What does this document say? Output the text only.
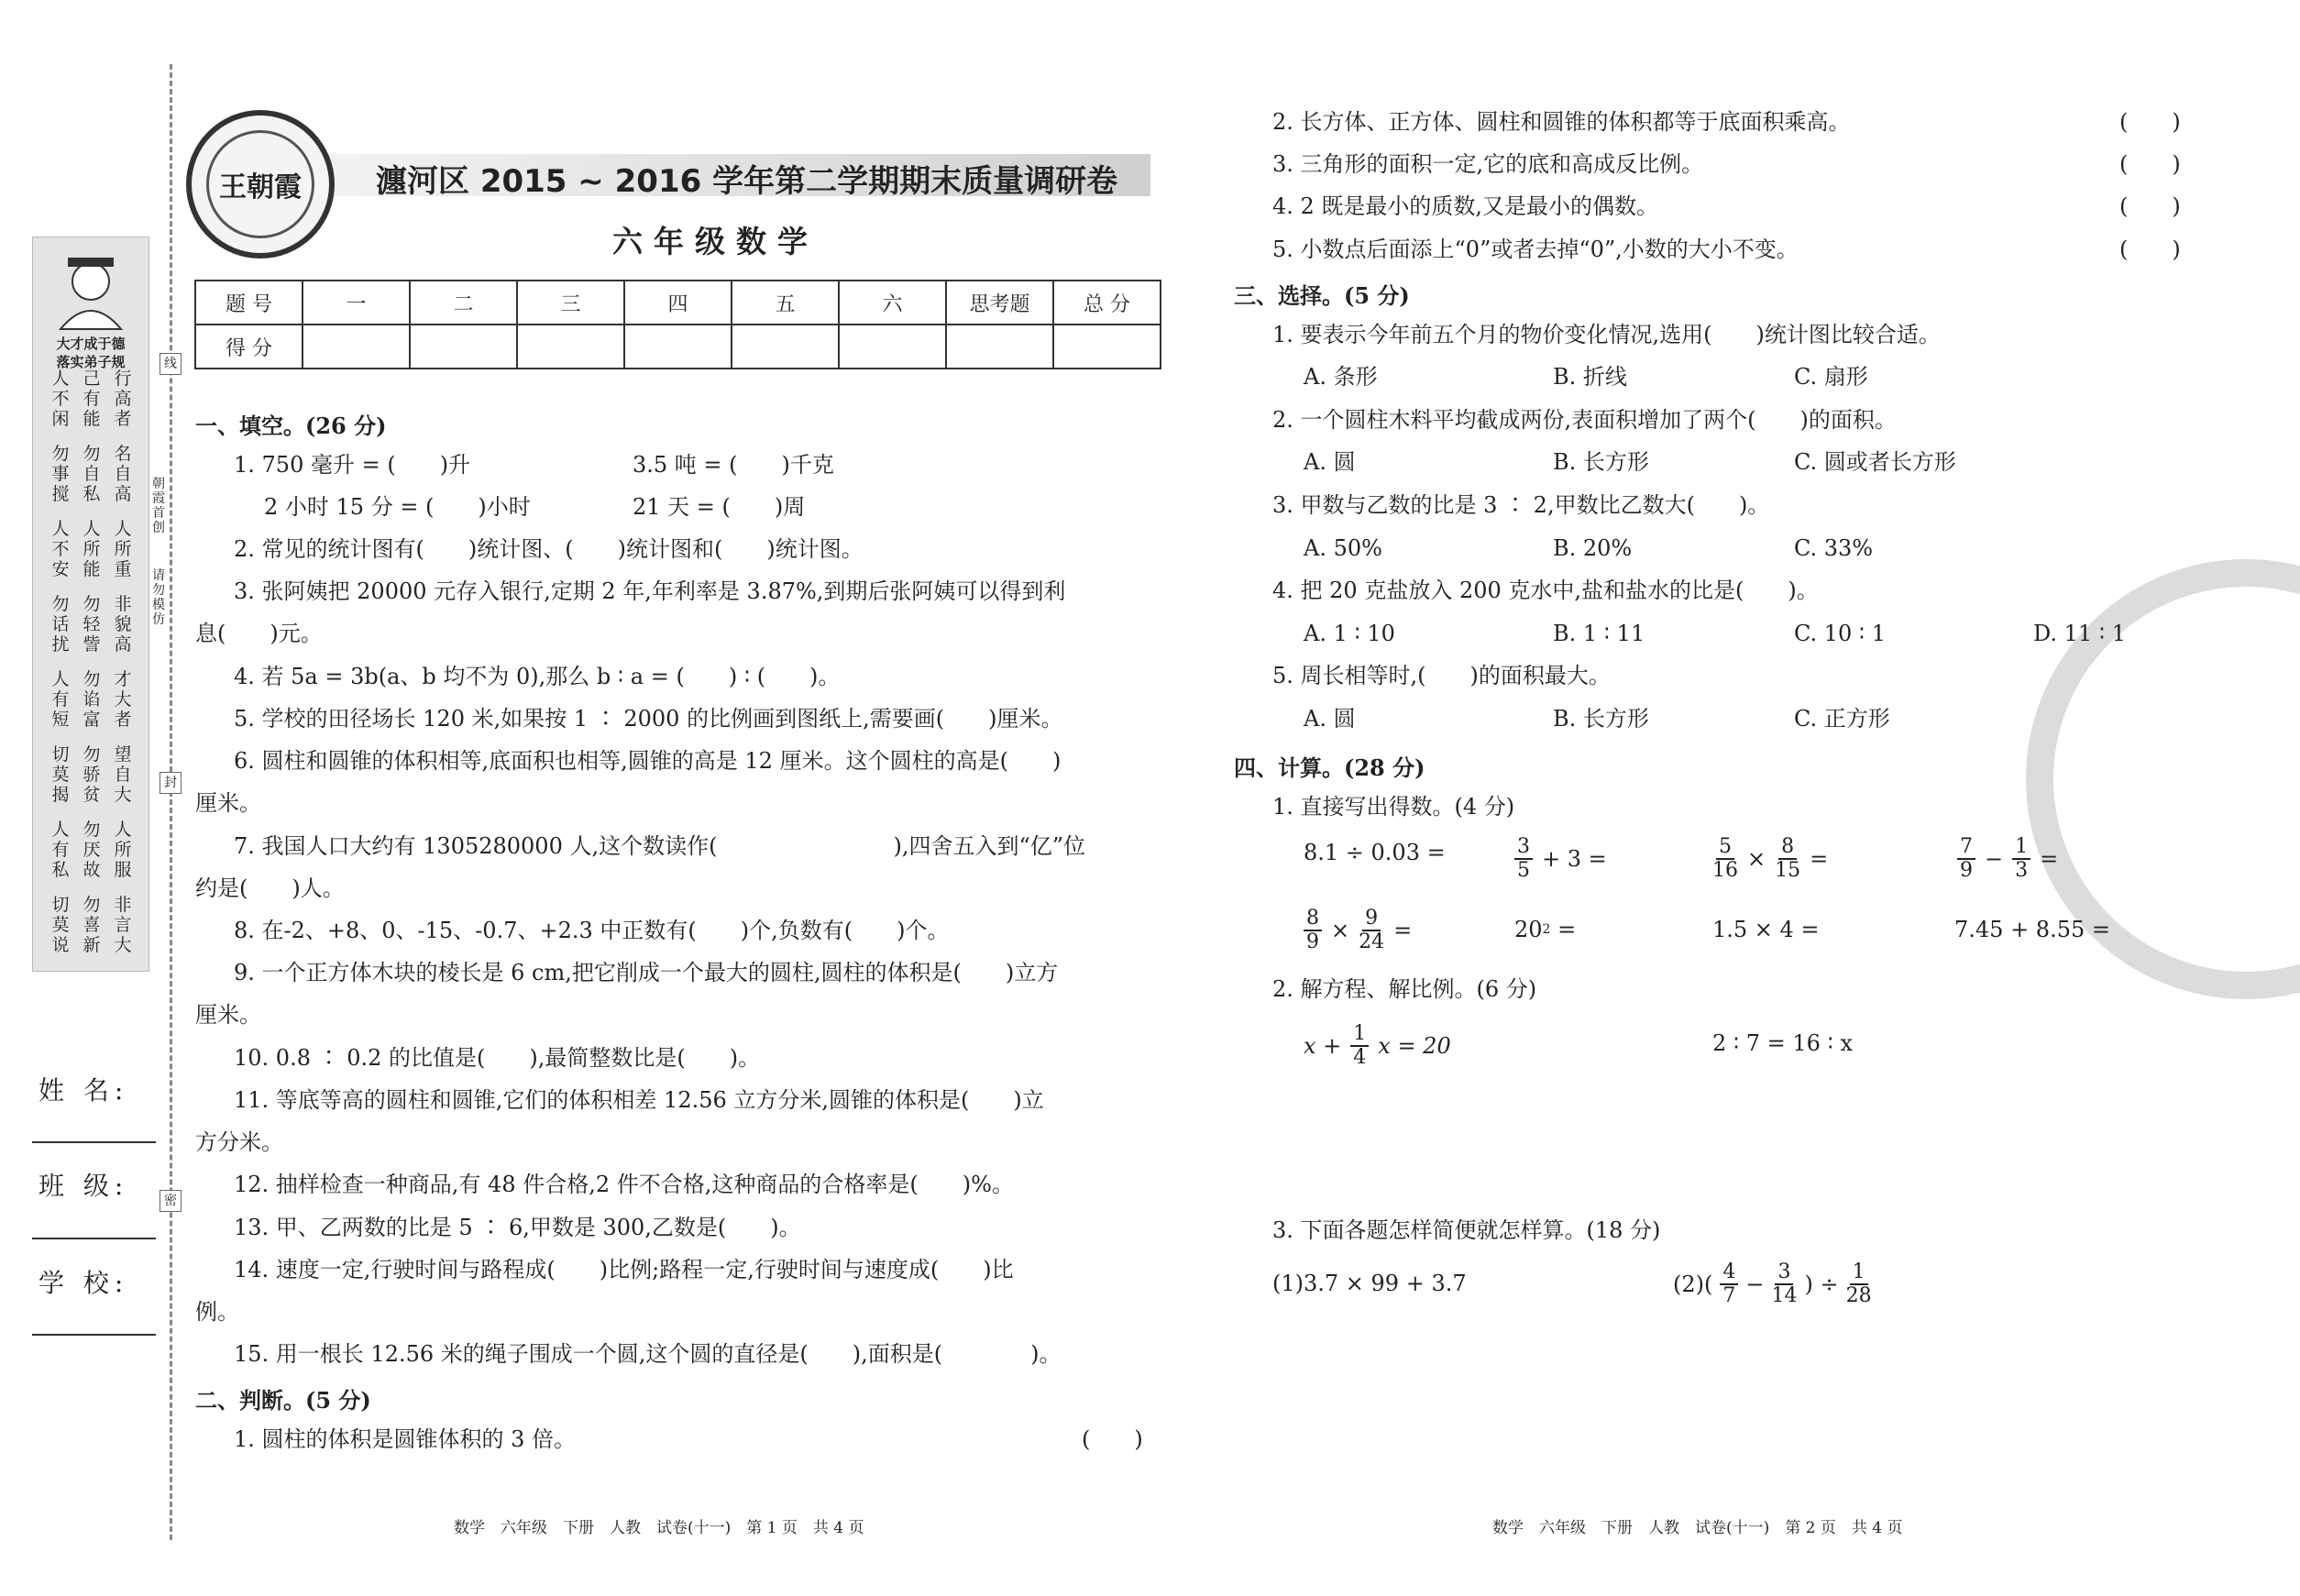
大才成于德
落实弟子规
人
不
闲
己
有
能
行
高
者
勿
事
搅
勿
自
私
名
自
高
人
不
安
人
所
能
人
所
重
勿
话
扰
勿
轻
訾
非
貌
高
人
有
短
勿
谄
富
才
大
者
切
莫
揭
勿
骄
贫
望
自
大
人
有
私
勿
厌
故
人
所
服
切
莫
说
勿
喜
新
非
言
大
朝霞首创
请勿模仿
线
封
密
姓 名:
班 级:
学 校:
王朝霞 瀍河区 2015 ~ 2016 学年第二学期期末质量调研卷
六年级数学
题 号	一	二	三	四	五	六	思考题	总 分
得 分								
一、填空。(26 分)
1. 750 毫升 = (　　)升	3.5 吨 = (　　)千克
2 小时 15 分 = (　　)小时	21 天 = (　　)周
2. 常见的统计图有(　　)统计图、(　　)统计图和(　　)统计图。
3. 张阿姨把 20000 元存入银行,定期 2 年,年利率是 3.87%,到期后张阿姨可以得到利
息(　　)元。
4. 若 5a = 3b(a、b 均不为 0),那么 b ∶ a = (　　) ∶ (　　)。
5. 学校的田径场长 120 米,如果按 1 ∶ 2000 的比例画到图纸上,需要画(　　)厘米。
6. 圆柱和圆锥的体积相等,底面积也相等,圆锥的高是 12 厘米。这个圆柱的高是(　　)
厘米。
7. 我国人口大约有 1305280000 人,这个数读作(　　　　　　　　),四舍五入到“亿”位
约是(　　)人。
8. 在-2、+8、0、-15、-0.7、+2.3 中正数有(　　)个,负数有(　　)个。
9. 一个正方体木块的棱长是 6 cm,把它削成一个最大的圆柱,圆柱的体积是(　　)立方
厘米。
10. 0.8 ∶ 0.2 的比值是(　　),最简整数比是(　　)。
11. 等底等高的圆柱和圆锥,它们的体积相差 12.56 立方分米,圆锥的体积是(　　)立
方分米。
12. 抽样检查一种商品,有 48 件合格,2 件不合格,这种商品的合格率是(　　)%。
13. 甲、乙两数的比是 5 ∶ 6,甲数是 300,乙数是(　　)。
14. 速度一定,行驶时间与路程成(　　)比例;路程一定,行驶时间与速度成(　　)比
例。
15. 用一根长 12.56 米的绳子围成一个圆,这个圆的直径是(　　),面积是(　　　　)。
二、判断。(5 分)
1. 圆柱的体积是圆锥体积的 3 倍。	(　　)
数学　六年级　下册　人教　试卷(十一)　第 1 页　共 4 页
2. 长方体、正方体、圆柱和圆锥的体积都等于底面积乘高。	(　　)
3. 三角形的面积一定,它的底和高成反比例。	(　　)
4. 2 既是最小的质数,又是最小的偶数。	(　　)
5. 小数点后面添上“0”或者去掉“0”,小数的大小不变。	(　　)
三、选择。(5 分)
1. 要表示今年前五个月的物价变化情况,选用(　　)统计图比较合适。
A. 条形	B. 折线	C. 扇形
2. 一个圆柱木料平均截成两份,表面积增加了两个(　　)的面积。
A. 圆	B. 长方形	C. 圆或者长方形
3. 甲数与乙数的比是 3 ∶ 2,甲数比乙数大(　　)。
A. 50%	B. 20%	C. 33%
4. 把 20 克盐放入 200 克水中,盐和盐水的比是(　　)。
A. 1 ∶ 10	B. 1 ∶ 11	C. 10 ∶ 1	D. 11 ∶ 1
5. 周长相等时,(　　)的面积最大。
A. 圆	B. 长方形	C. 正方形
四、计算。(28 分)
1. 直接写出得数。(4 分)
8.1 ÷ 0.03 =	$\frac{3}{5} + 3$ =	$\frac{5}{16} \times \frac{8}{15}$ =	$\frac{7}{9} - \frac{1}{3}$ =
$\frac{8}{9} \times \frac{9}{24}$ =	20 2 =	1.5 × 4 =	7.45 + 8.55 =
2. 解方程、解比例。(6 分)
$x + \frac{1}{4}$ x = 20	2 ∶ 7 = 16 ∶ x
3. 下面各题怎样简便就怎样算。(18 分)
(1)3.7 × 99 + 3.7	$(2)( \frac{4}{7} - \frac{3}{14}$ ) ÷ $\frac{1}{28}$
数学　六年级　下册　人教　试卷(十一)　第 2 页　共 4 页
